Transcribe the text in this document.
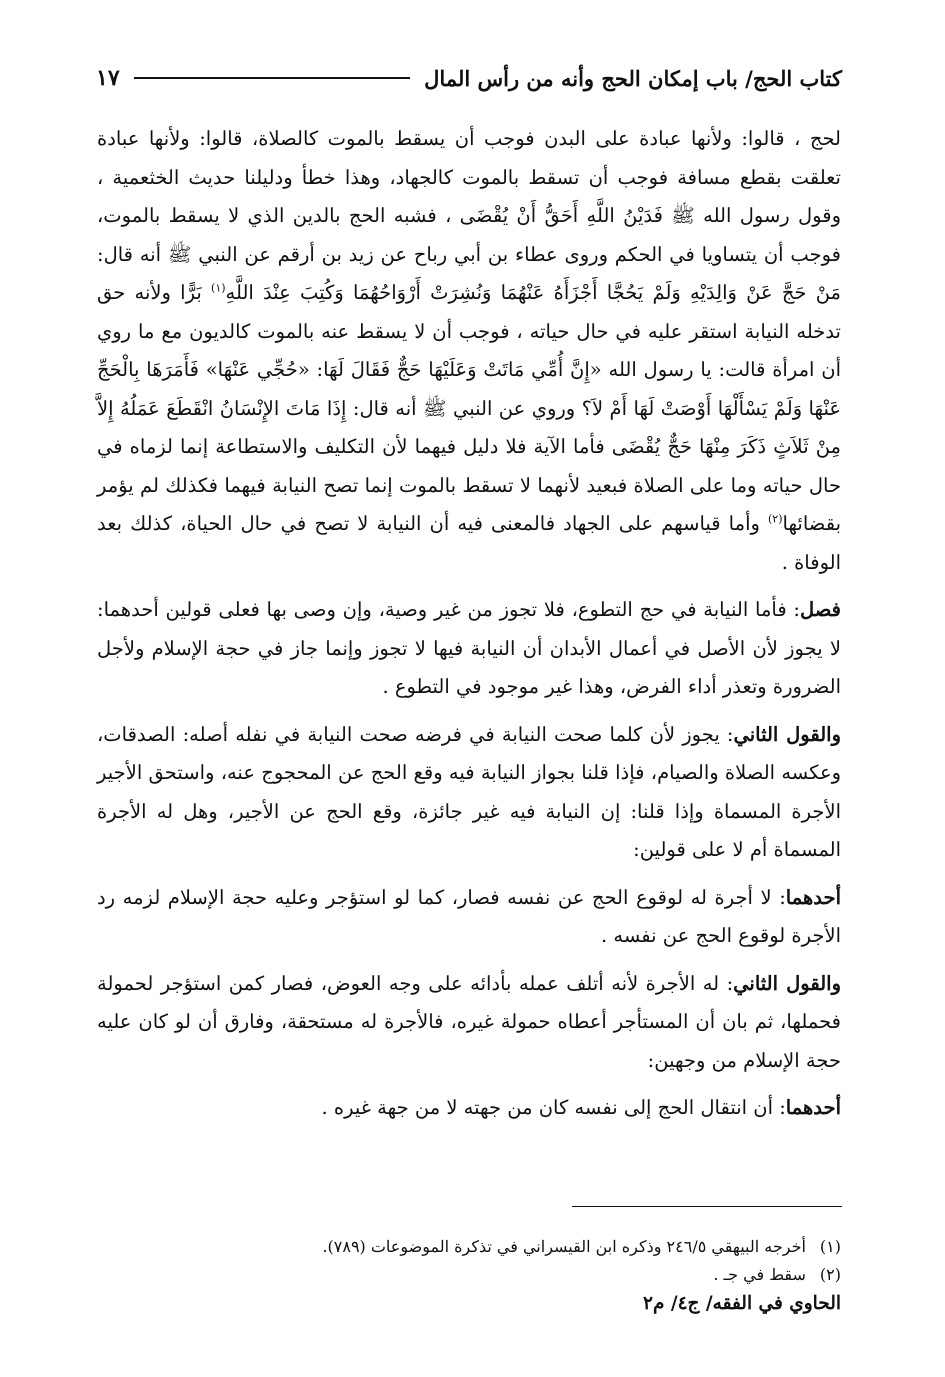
كتاب الحج/ باب إمكان الحج وأنه من رأس المال
١٧

لحج ، قالوا: ولأنها عبادة على البدن فوجب أن يسقط بالموت كالصلاة، قالوا: ولأنها عبادة تعلقت بقطع مسافة فوجب أن تسقط بالموت كالجهاد، وهذا خطأ ودليلنا حديث الخثعمية ، وقول رسول الله ﷺ فَدَيْنُ اللَّهِ أَحَقُّ أَنْ يُقْضَى ، فشبه الحج بالدين الذي لا يسقط بالموت، فوجب أن يتساويا في الحكم وروى عطاء بن أبي رباح عن زيد بن أرقم عن النبي ﷺ أنه قال: مَنْ حَجَّ عَنْ وَالِدَيْهِ وَلَمْ يَحُجَّا أَجْزَأَهُ عَنْهُمَا وَنُشِرَتْ أَرْوَاحُهُمَا وَكُتِبَ عِنْدَ اللَّهِ$^{(١)}$ بَرًّا ولأنه حق تدخله النيابة استقر عليه في حال حياته ، فوجب أن لا يسقط عنه بالموت كالديون مع ما روي أن امرأة قالت: يا رسول الله «إِنَّ أُمِّي مَاتَتْ وَعَلَيْهَا حَجٌّ فَقَالَ لَهَا: «حُجِّي عَنْهَا» فَأَمَرَهَا بِالْحَجِّ عَنْهَا وَلَمْ يَسْأَلْهَا أَوْصَتْ لَهَا أَمْ لاَ؟ وروي عن النبي ﷺ أنه قال: إِذَا مَاتَ الإِنْسَانُ انْقَطَعَ عَمَلُهُ إِلاَّ مِنْ ثَلاَثٍ ذَكَرَ مِنْهَا حَجٌّ يُقْضَى فأما الآية فلا دليل فيهما لأن التكليف والاستطاعة إنما لزماه في حال حياته وما على الصلاة فبعيد لأنهما لا تسقط بالموت إنما تصح النيابة فيهما فكذلك لم يؤمر بقضائها$^{(٢)}$ وأما قياسهم على الجهاد فالمعنى فيه أن النيابة لا تصح في حال الحياة، كذلك بعد الوفاة .

فصل: فأما النيابة في حج التطوع، فلا تجوز من غير وصية، وإن وصى بها فعلى قولين أحدهما: لا يجوز لأن الأصل في أعمال الأبدان أن النيابة فيها لا تجوز وإنما جاز في حجة الإسلام ولأجل الضرورة وتعذر أداء الفرض، وهذا غير موجود في التطوع .

والقول الثاني: يجوز لأن كلما صحت النيابة في فرضه صحت النيابة في نفله أصله: الصدقات، وعكسه الصلاة والصيام، فإذا قلنا بجواز النيابة فيه وقع الحج عن المحجوج عنه، واستحق الأجير الأجرة المسماة وإذا قلنا: إن النيابة فيه غير جائزة، وقع الحج عن الأجير، وهل له الأجرة المسماة أم لا على قولين:

أحدهما: لا أجرة له لوقوع الحج عن نفسه فصار، كما لو استؤجر وعليه حجة الإسلام لزمه رد الأجرة لوقوع الحج عن نفسه .

والقول الثاني: له الأجرة لأنه أتلف عمله بأدائه على وجه العوض، فصار كمن استؤجر لحمولة فحملها، ثم بان أن المستأجر أعطاه حمولة غيره، فالأجرة له مستحقة، وفارق أن لو كان عليه حجة الإسلام من وجهين:

أحدهما: أن انتقال الحج إلى نفسه كان من جهته لا من جهة غيره .

(١)
أخرجه البيهقي ٢٤٦/٥ وذكره ابن القيسراني في تذكرة الموضوعات (٧٨٩).
(٢)
سقط في جـ .
الحاوي في الفقه/ ج٤/ م٢
